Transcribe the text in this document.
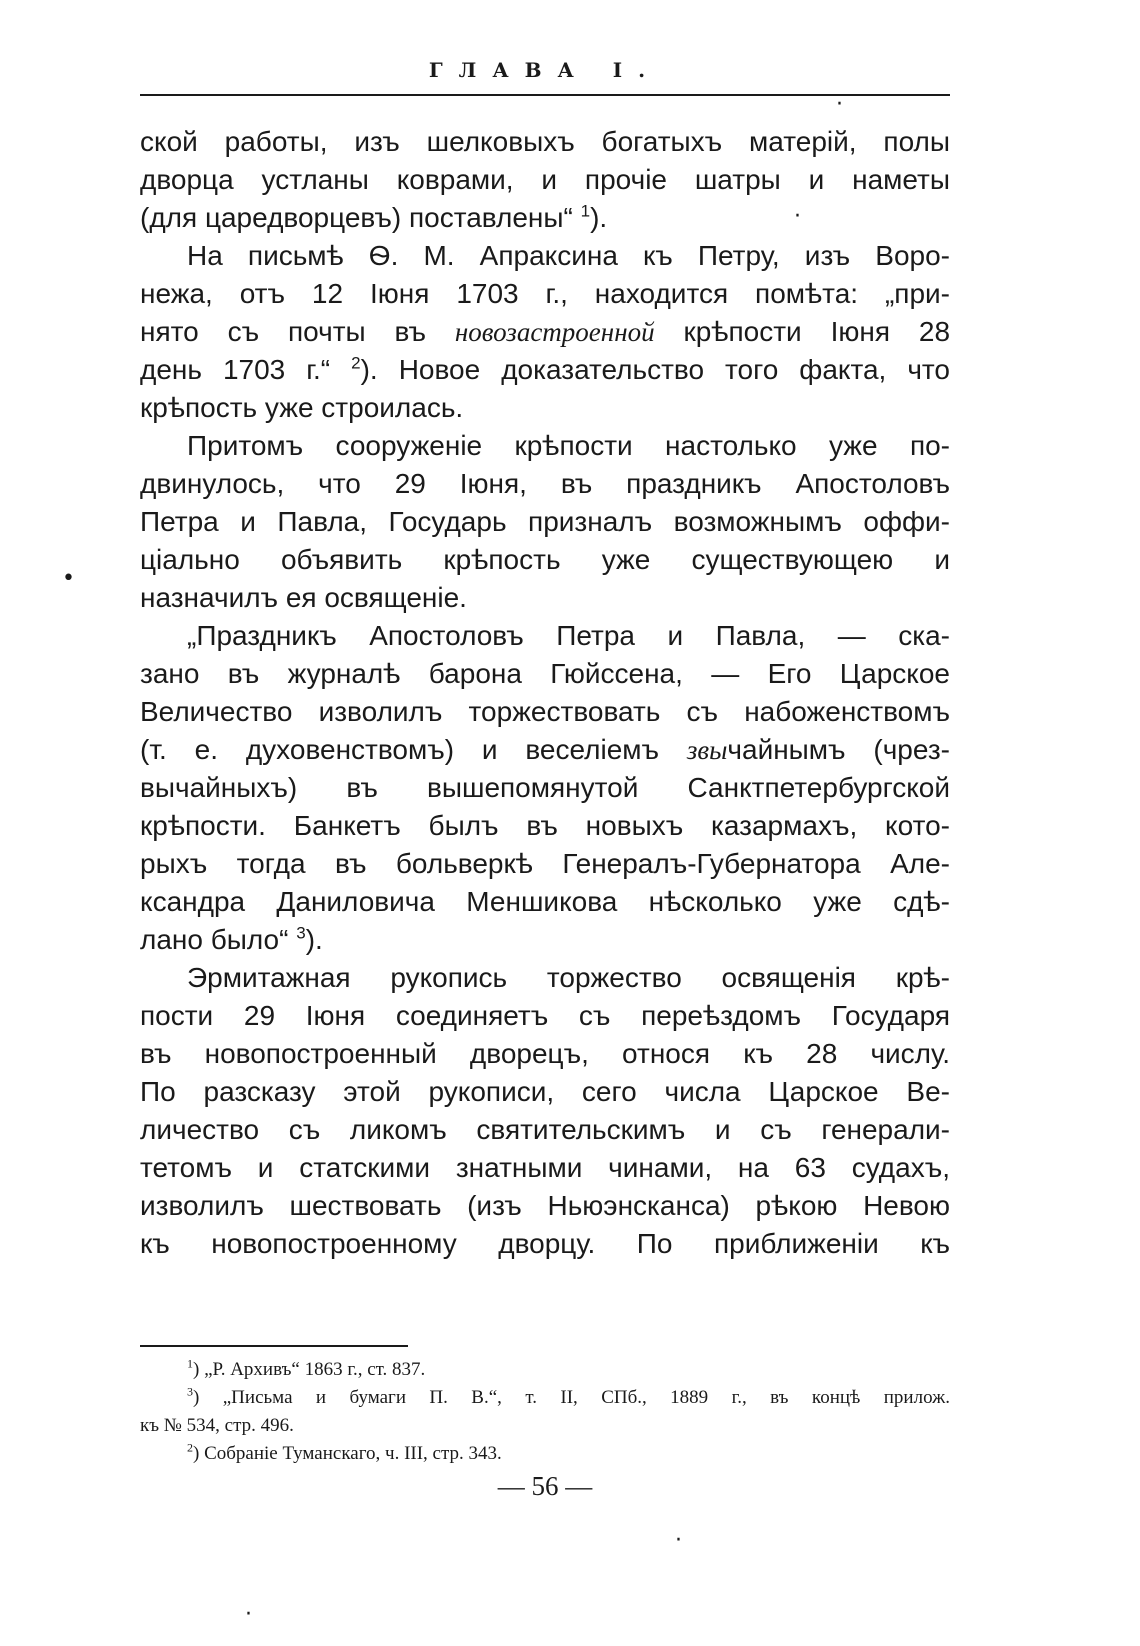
ГЛАВА I.
ской работы, изъ шелковыхъ богатыхъ матерій, полы
дворца устланы коврами, и прочіе шатры и наметы
(для царедворцевъ) поставлены“ $^1$).
На письмѣ Ѳ. М. Апраксина къ Петру, изъ Воро-
нежа, отъ 12 Іюня 1703 г., находится помѣта: „при-
нято съ почты въ новозастроенной крѣпости Іюня 28
день 1703 г.“ $^2$). Новое доказательство того факта, что
крѣпость уже строилась.
Притомъ сооруженіе крѣпости настолько уже по-
двинулось, что 29 Іюня, въ праздникъ Апостоловъ
Петра и Павла, Государь призналъ возможнымъ оффи-
ціально объявить крѣпость уже существующею и
назначилъ ея освященіе.
„Праздникъ Апостоловъ Петра и Павла, — ска-
зано въ журналѣ барона Гюйссена, — Его Царское
Величество изволилъ торжествовать съ набоженствомъ
(т. е. духовенствомъ) и веселіемъ звычайнымъ (чрез-
вычайныхъ) въ вышепомянутой Санктпетербургской
крѣпости. Банкетъ былъ въ новыхъ казармахъ, кото-
рыхъ тогда въ больверкѣ Генералъ-Губернатора Але-
ксандра Даниловича Меншикова нѣсколько уже сдѣ-
лано было“ $^3$).
Эрмитажная рукопись торжество освященія крѣ-
пости 29 Іюня соединяетъ съ переѣздомъ Государя
въ новопостроенный дворецъ, относя къ 28 числу.
По разсказу этой рукописи, сего числа Царское Ве-
личество съ ликомъ святительскимъ и съ генерали-
тетомъ и статскими знатными чинами, на 63 судахъ,
изволилъ шествовать (изъ Ньюэнсканса) рѣкою Невою
къ новопостроенному дворцу. По приближеніи къ
$^1$) „Р. Архивъ“ 1863 г., ст. 837.
$^3$) „Письма и бумаги П. В.“, т. II, СПб., 1889 г., въ концѣ прилож.
къ № 534, стр. 496.
$^2$) Собраніе Туманскаго, ч. III, стр. 343.
— 56 —
·
·
•
·
·
